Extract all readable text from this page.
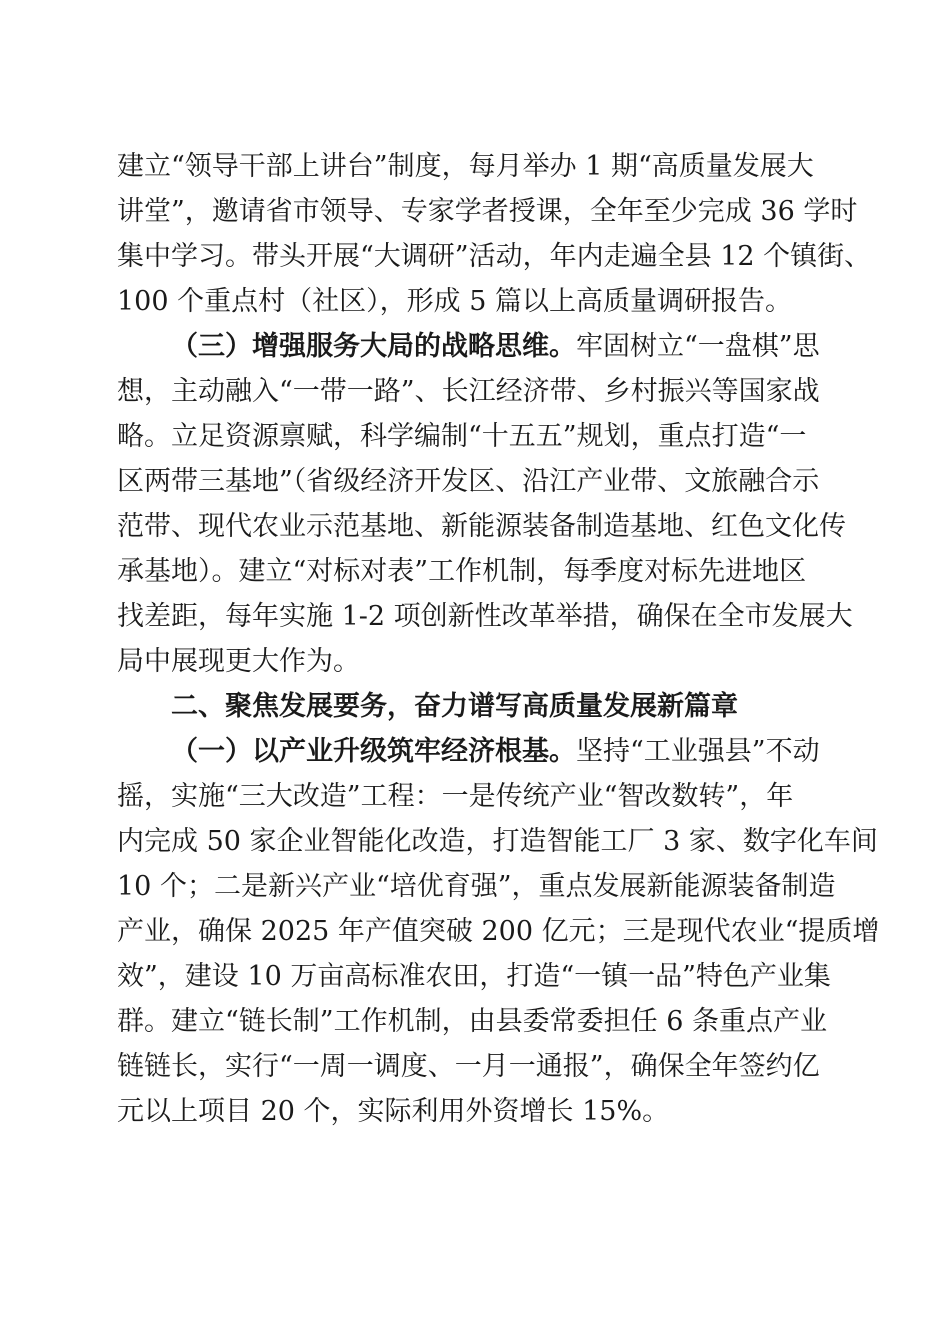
建立“领导干部上讲台”制度，每月举办 1 期“高质量发展大
讲堂”，邀请省市领导、专家学者授课，全年至少完成 36 学时
集中学习。带头开展“大调研”活动，年内走遍全县 12 个镇街、
100 个重点村（社区），形成 5 篇以上高质量调研报告。
（三）增强服务大局的战略思维。牢固树立“一盘棋”思
想，主动融入“一带一路”、长江经济带、乡村振兴等国家战
略。立足资源禀赋，科学编制“十五五”规划，重点打造“一
区两带三基地”（省级经济开发区、沿江产业带、文旅融合示
范带、现代农业示范基地、新能源装备制造基地、红色文化传
承基地）。建立“对标对表”工作机制，每季度对标先进地区
找差距，每年实施 1-2 项创新性改革举措，确保在全市发展大
局中展现更大作为。
二、聚焦发展要务，奋力谱写高质量发展新篇章
（一）以产业升级筑牢经济根基。坚持“工业强县”不动
摇，实施“三大改造”工程：一是传统产业“智改数转”，年
内完成 50 家企业智能化改造，打造智能工厂 3 家、数字化车间
10 个；二是新兴产业“培优育强”，重点发展新能源装备制造
产业，确保 2025 年产值突破 200 亿元；三是现代农业“提质增
效”，建设 10 万亩高标准农田，打造“一镇一品”特色产业集
群。建立“链长制”工作机制，由县委常委担任 6 条重点产业
链链长，实行“一周一调度、一月一通报”，确保全年签约亿
元以上项目 20 个，实际利用外资增长 15%。
